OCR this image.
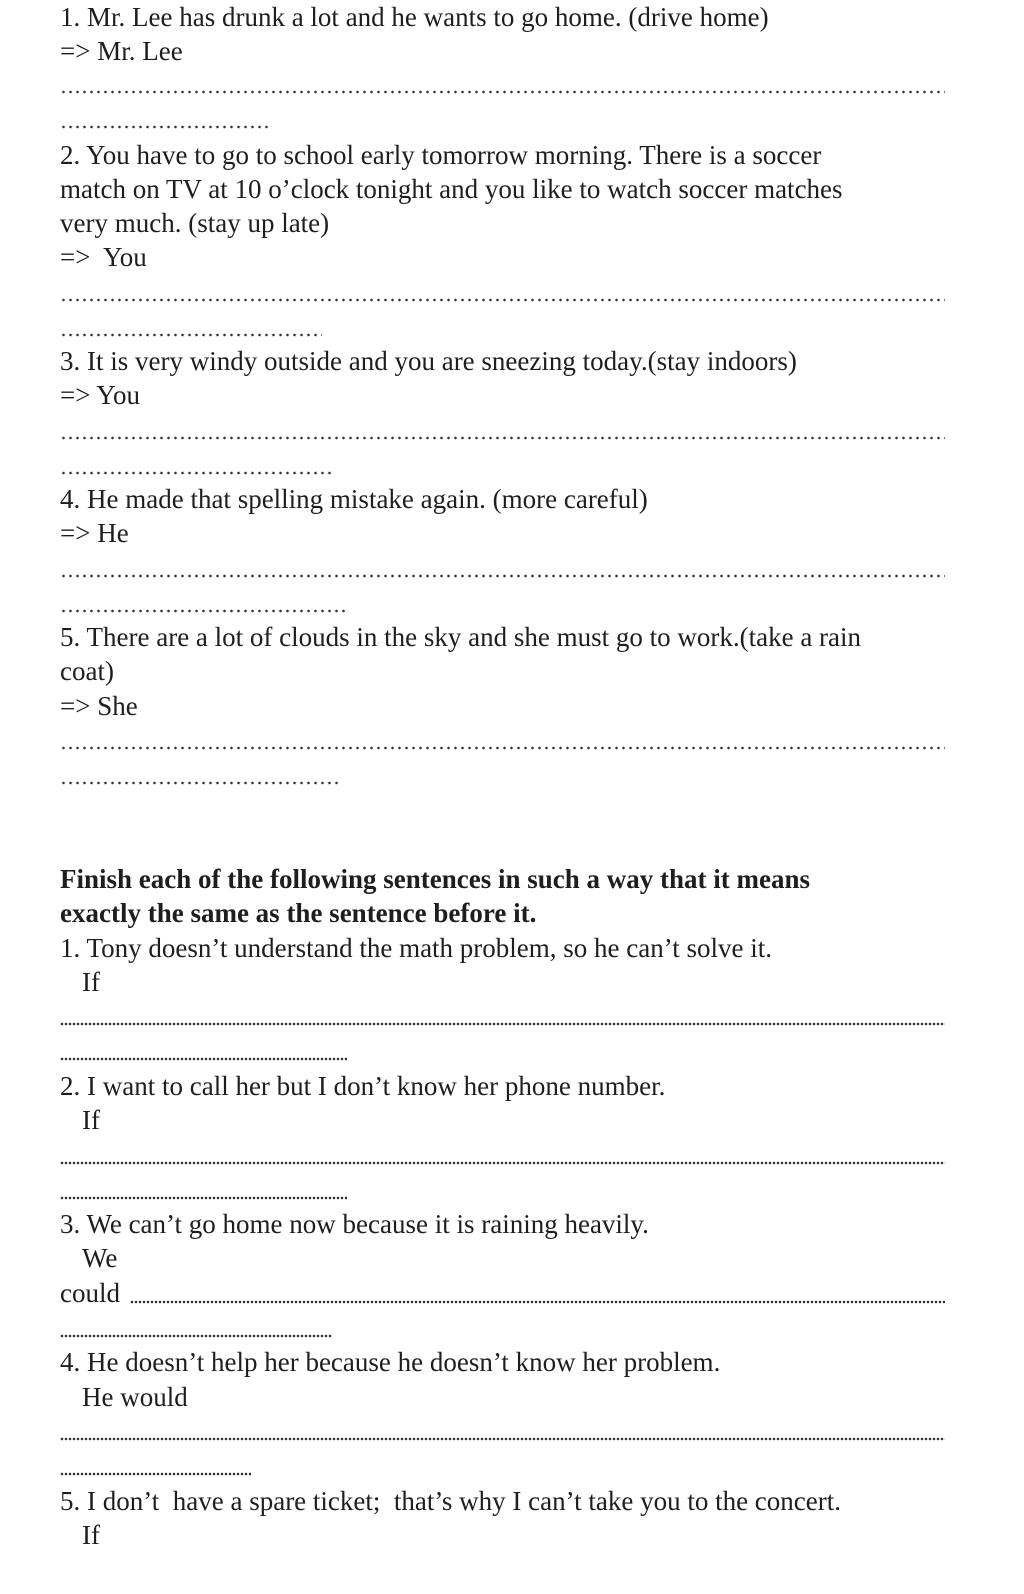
1. Mr. Lee has drunk a lot and he wants to go home. (drive home)

=> Mr. Lee

2. You have to go to school early tomorrow morning. There is a soccer

match on TV at 10 o’clock tonight and you like to watch soccer matches

very much. (stay up late)

=>  You

3. It is very windy outside and you are sneezing today.(stay indoors)

=> You

4. He made that spelling mistake again. (more careful)

=> He

5. There are a lot of clouds in the sky and she must go to work.(take a rain

coat)

=> She

Finish each of the following sentences in such a way that it means

exactly the same as the sentence before it.

1. Tony doesn’t understand the math problem, so he can’t solve it.

If

2. I want to call her but I don’t know her phone number.

If

3. We can’t go home now because it is raining heavily.

We

could

4. He doesn’t help her because he doesn’t know her problem.

He would

5. I don’t  have a spare ticket;  that’s why I can’t take you to the concert.

If
